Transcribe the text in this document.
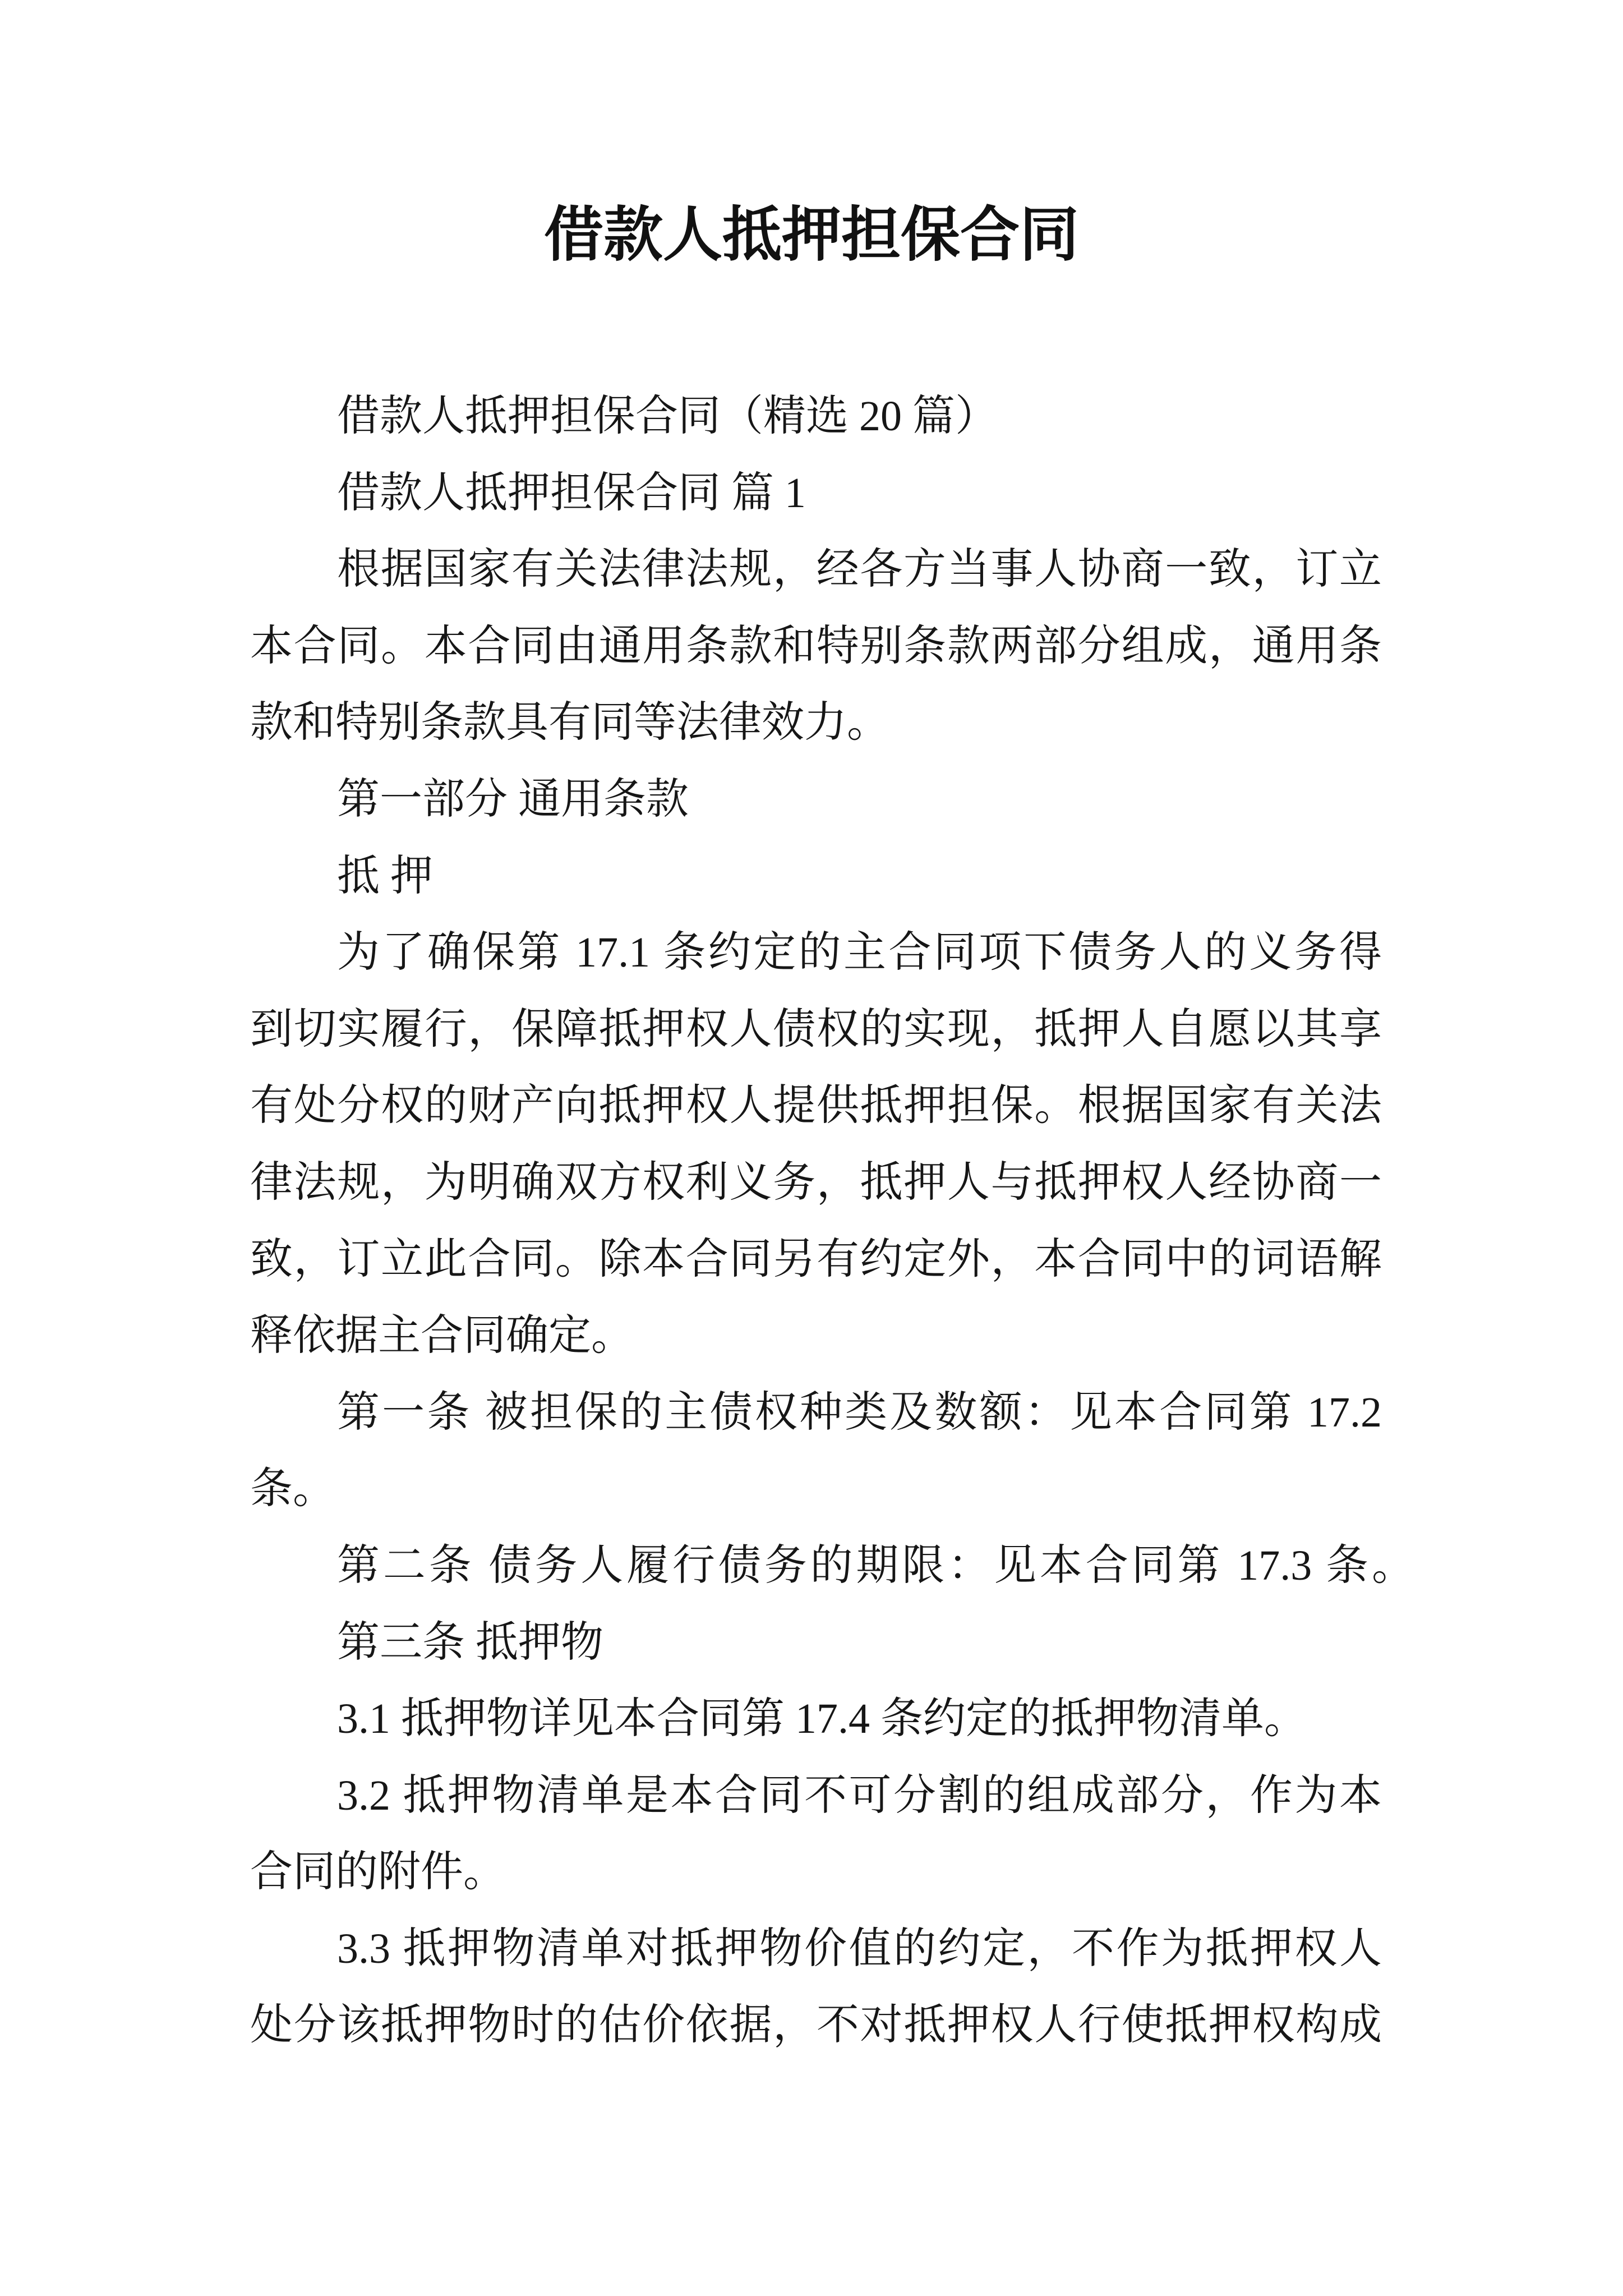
借款人抵押担保合同
借款人抵押担保合同（精选 20 篇）
借款人抵押担保合同 篇 1
根据国家有关法律法规，经各方当事人协商一致，订立
本合同。本合同由通用条款和特别条款两部分组成，通用条
款和特别条款具有同等法律效力。
第一部分 通用条款
抵 押
为了确保第 17.1 条约定的主合同项下债务人的义务得
到切实履行，保障抵押权人债权的实现，抵押人自愿以其享
有处分权的财产向抵押权人提供抵押担保。根据国家有关法
律法规，为明确双方权利义务，抵押人与抵押权人经协商一
致，订立此合同。除本合同另有约定外，本合同中的词语解
释依据主合同确定。
第一条 被担保的主债权种类及数额：见本合同第 17.2
条。
第二条 债务人履行债务的期限：见本合同第 17.3 条。
第三条 抵押物
3.1 抵押物详见本合同第 17.4 条约定的抵押物清单。
3.2 抵押物清单是本合同不可分割的组成部分，作为本
合同的附件。
3.3 抵押物清单对抵押物价值的约定，不作为抵押权人
处分该抵押物时的估价依据，不对抵押权人行使抵押权构成
